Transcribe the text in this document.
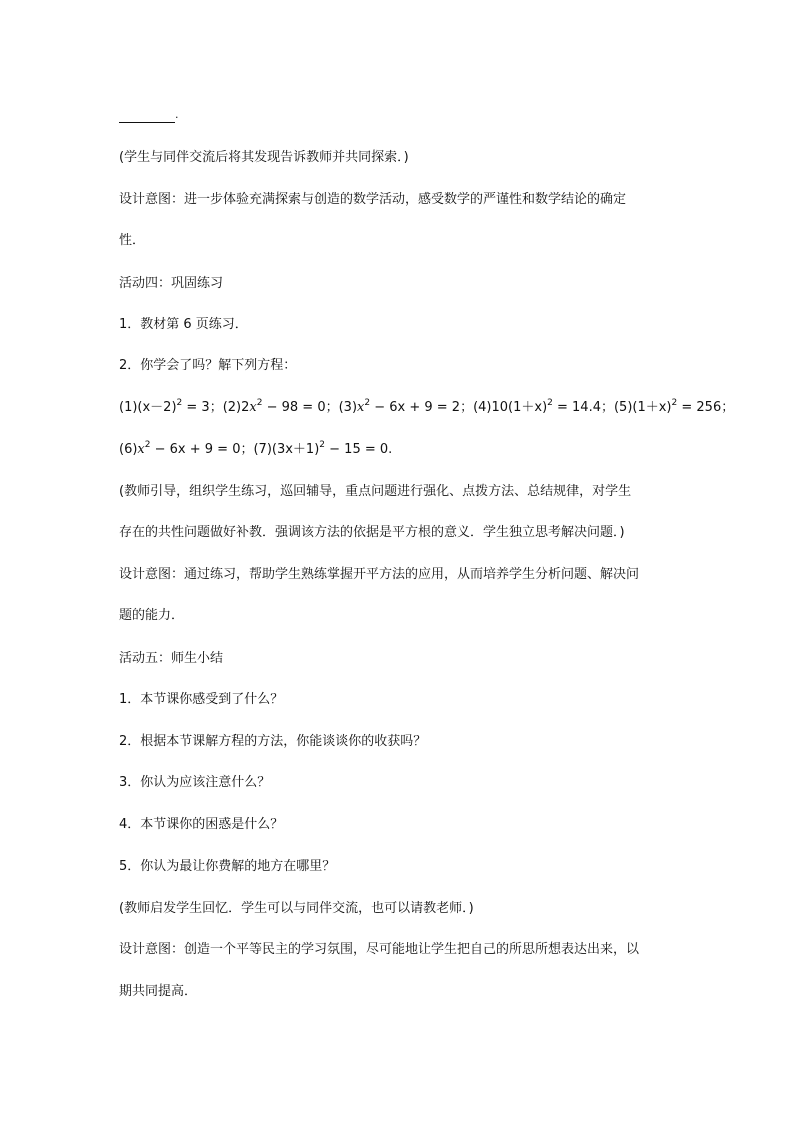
.
(学生与同伴交流后将其发现告诉教师并共同探索．)
设计意图：进一步体验充满探索与创造的数学活动，感受数学的严谨性和数学结论的确定
性．
活动四：巩固练习
1．教材第 6 页练习．
2．你学会了吗？解下列方程：
$(1)(x-2)^2 = 3$；$(2)2x^2 - 98 = 0$；$(3)x^2 - 6x + 9 = 2$；$(4)10(1+x)^2 = 14.4$；$(5)(1+x)^2 = 256$；
$(6)x^2 - 6x + 9 = 0$；$(7)(3x+1)^2 - 15 = 0$.
(教师引导，组织学生练习，巡回辅导，重点问题进行强化、点拨方法、总结规律，对学生
存在的共性问题做好补教．强调该方法的依据是平方根的意义．学生独立思考解决问题．)
设计意图：通过练习，帮助学生熟练掌握开平方法的应用，从而培养学生分析问题、解决问
题的能力．
活动五：师生小结
1．本节课你感受到了什么？
2．根据本节课解方程的方法，你能谈谈你的收获吗？
3．你认为应该注意什么？
4．本节课你的困惑是什么？
5．你认为最让你费解的地方在哪里？
(教师启发学生回忆．学生可以与同伴交流，也可以请教老师．)
设计意图：创造一个平等民主的学习氛围，尽可能地让学生把自己的所思所想表达出来，以
期共同提高．
